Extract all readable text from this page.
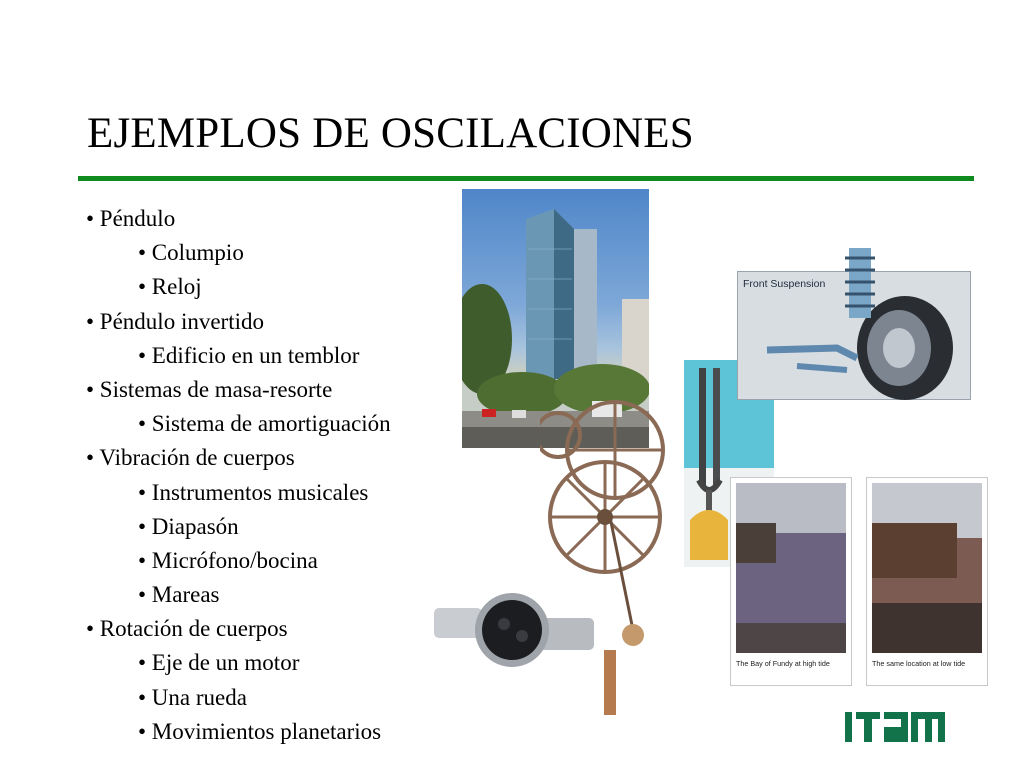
EJEMPLOS DE OSCILACIONES
• Péndulo
• Columpio
• Reloj
• Péndulo invertido
• Edificio en un temblor
• Sistemas de masa-resorte
• Sistema de amortiguación
• Vibración de cuerpos
• Instrumentos musicales
• Diapasón
• Micrófono/bocina
• Mareas
• Rotación de cuerpos
• Eje de un motor
• Una rueda
• Movimientos planetarios
Front Suspension
The Bay of Fundy at high tide	The same location at low tide
